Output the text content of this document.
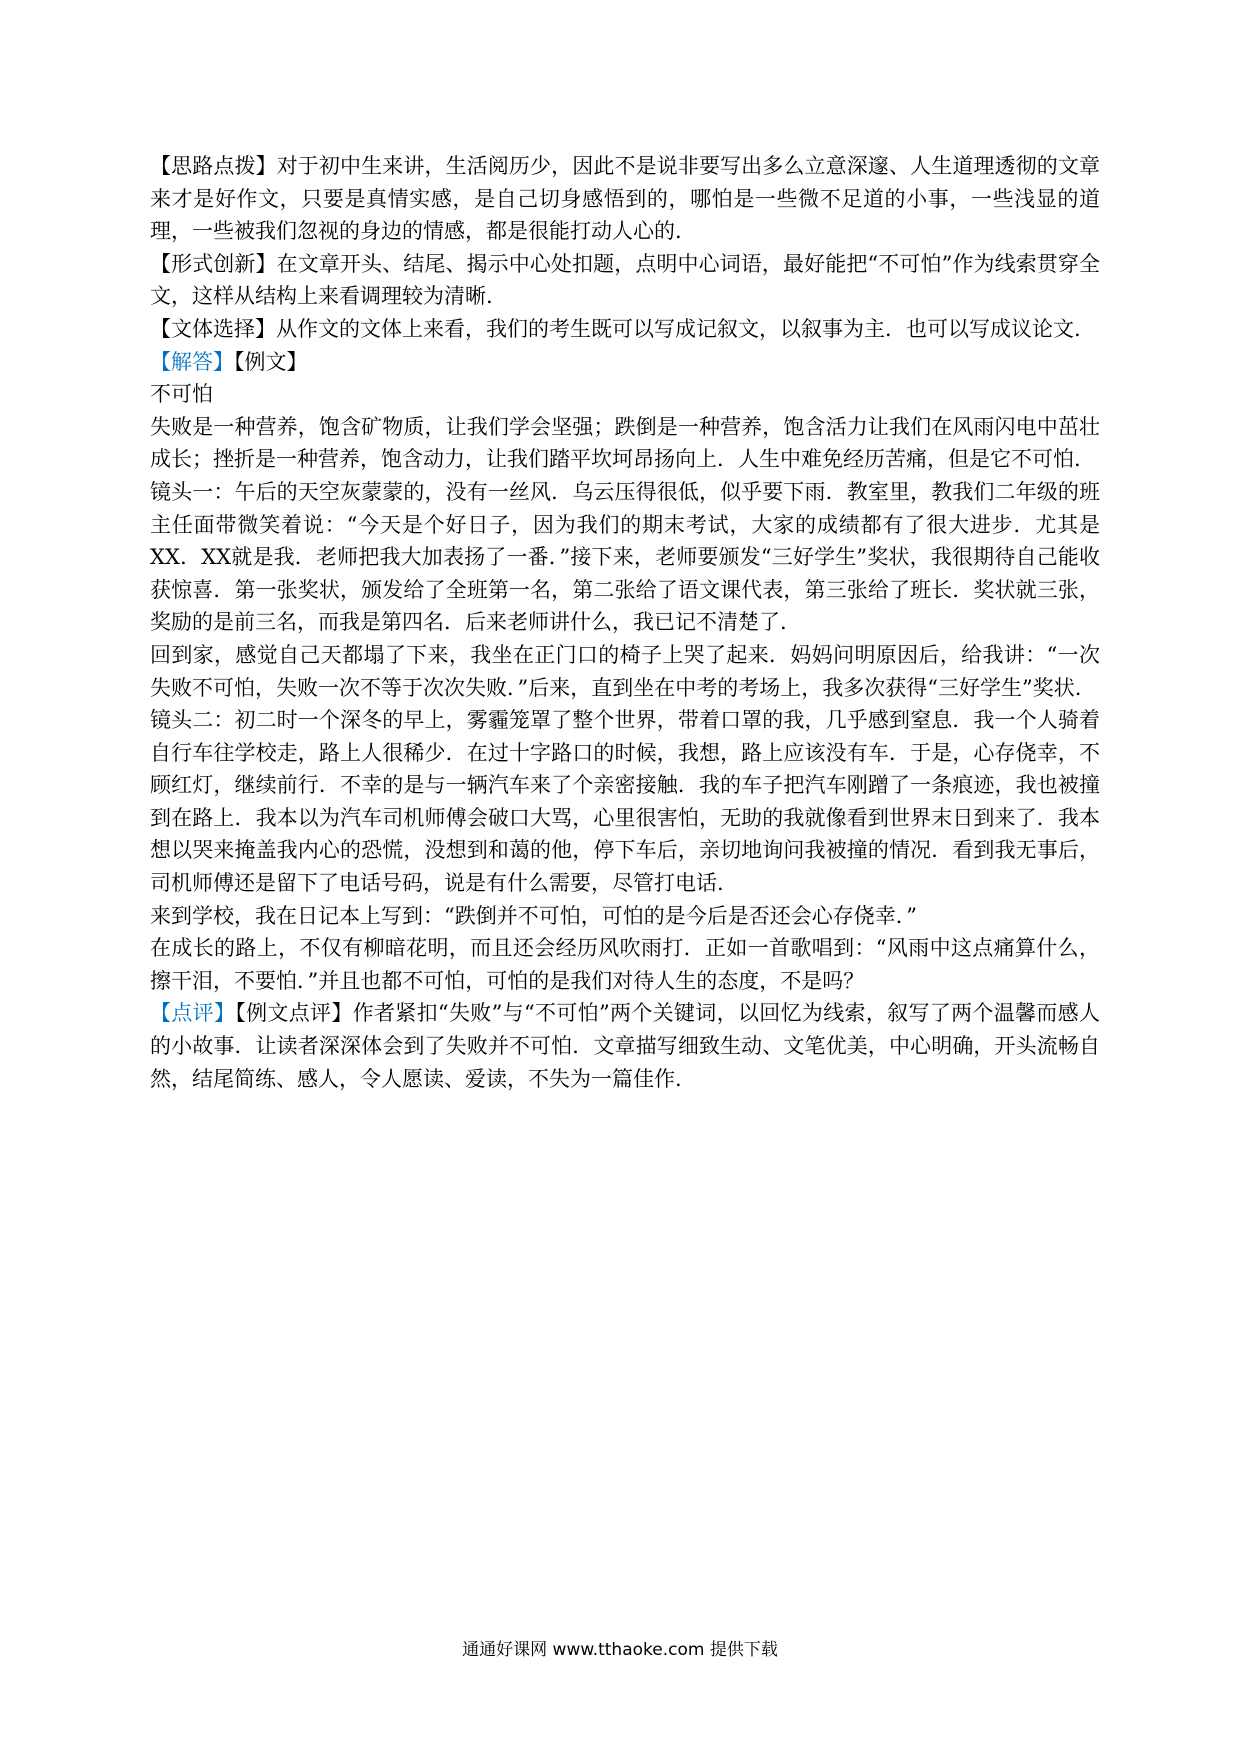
【思路点拨】对于初中生来讲，生活阅历少，因此不是说非要写出多么立意深邃、人生道理透彻的文章来才是好作文，只要是真情实感，是自己切身感悟到的，哪怕是一些微不足道的小事，一些浅显的道理，一些被我们忽视的身边的情感，都是很能打动人心的.

【形式创新】在文章开头、结尾、揭示中心处扣题，点明中心词语，最好能把“不可怕”作为线索贯穿全文，这样从结构上来看调理较为清晰.

【文体选择】从作文的文体上来看，我们的考生既可以写成记叙文，以叙事为主．也可以写成议论文.

【解答】【例文】

不可怕

失败是一种营养，饱含矿物质，让我们学会坚强；跌倒是一种营养，饱含活力让我们在风雨闪电中茁壮成长；挫折是一种营养，饱含动力，让我们踏平坎坷昂扬向上．人生中难免经历苦痛，但是它不可怕.

镜头一：午后的天空灰蒙蒙的，没有一丝风．乌云压得很低，似乎要下雨．教室里，教我们二年级的班主任面带微笑着说：“今天是个好日子，因为我们的期末考试，大家的成绩都有了很大进步．尤其是XX．XX就是我．老师把我大加表扬了一番．”接下来，老师要颁发“三好学生”奖状，我很期待自己能收获惊喜．第一张奖状，颁发给了全班第一名，第二张给了语文课代表，第三张给了班长．奖状就三张，奖励的是前三名，而我是第四名．后来老师讲什么，我已记不清楚了.

回到家，感觉自己天都塌了下来，我坐在正门口的椅子上哭了起来．妈妈问明原因后，给我讲：“一次失败不可怕，失败一次不等于次次失败．”后来，直到坐在中考的考场上，我多次获得“三好学生”奖状.

镜头二：初二时一个深冬的早上，雾霾笼罩了整个世界，带着口罩的我，几乎感到窒息．我一个人骑着自行车往学校走，路上人很稀少．在过十字路口的时候，我想，路上应该没有车．于是，心存侥幸，不顾红灯，继续前行．不幸的是与一辆汽车来了个亲密接触．我的车子把汽车刚蹭了一条痕迹，我也被撞到在路上．我本以为汽车司机师傅会破口大骂，心里很害怕，无助的我就像看到世界末日到来了．我本想以哭来掩盖我内心的恐慌，没想到和蔼的他，停下车后，亲切地询问我被撞的情况．看到我无事后，司机师傅还是留下了电话号码，说是有什么需要，尽管打电话.

来到学校，我在日记本上写到：“跌倒并不可怕，可怕的是今后是否还会心存侥幸．”

在成长的路上，不仅有柳暗花明，而且还会经历风吹雨打．正如一首歌唱到：“风雨中这点痛算什么，擦干泪，不要怕．”并且也都不可怕，可怕的是我们对待人生的态度，不是吗？

【点评】【例文点评】作者紧扣“失败”与“不可怕”两个关键词，以回忆为线索，叙写了两个温馨而感人的小故事．让读者深深体会到了失败并不可怕．文章描写细致生动、文笔优美，中心明确，开头流畅自然，结尾简练、感人，令人愿读、爱读，不失为一篇佳作.

通通好课网 www.tthaoke.com 提供下载
